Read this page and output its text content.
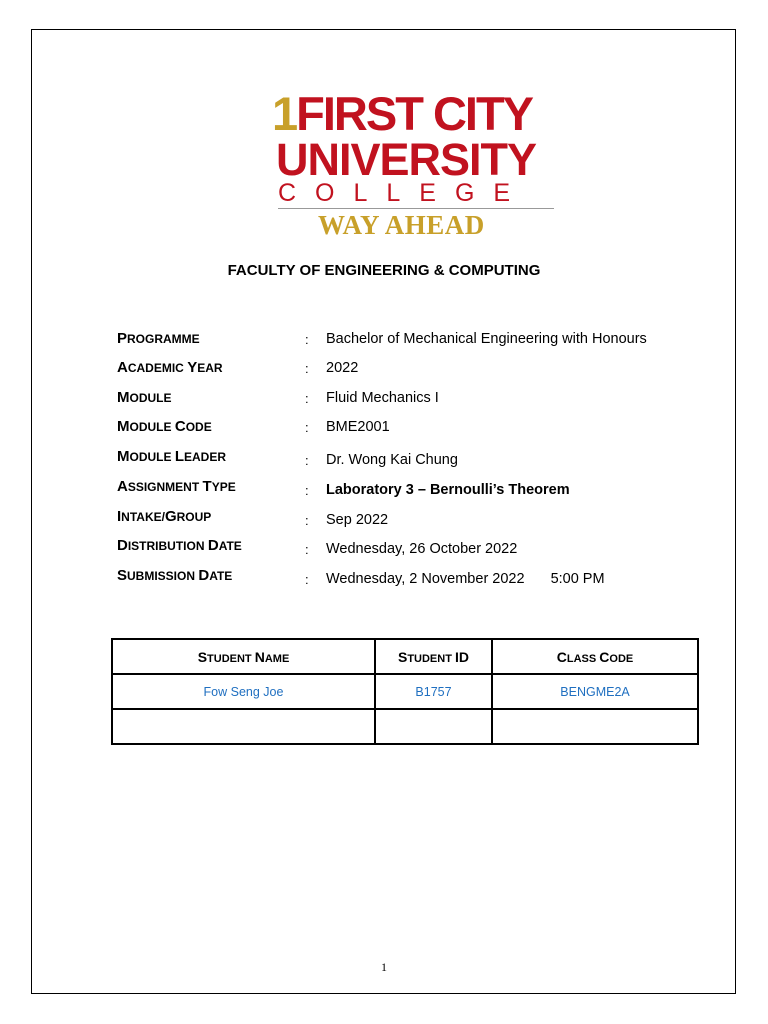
1FIRST CITY
UNIVERSITY
COLLEGE
WAY AHEAD
FACULTY OF ENGINEERING & COMPUTING
PROGRAMME	: Bachelor of Mechanical Engineering with Honours
ACADEMIC YEAR	: 2022
MODULE	: Fluid Mechanics I
MODULE CODE	: BME2001
MODULE LEADER	: Dr. Wong Kai Chung
ASSIGNMENT TYPE	: Laboratory 3 – Bernoulli’s Theorem
INTAKE/GROUP	: Sep 2022
DISTRIBUTION DATE	: Wednesday, 26 October 2022
SUBMISSION DATE	: Wednesday, 2 November 2022 5:00 PM
STUDENT NAME	STUDENT ID	CLASS CODE
Fow Seng Joe	B1757	BENGME2A

1
